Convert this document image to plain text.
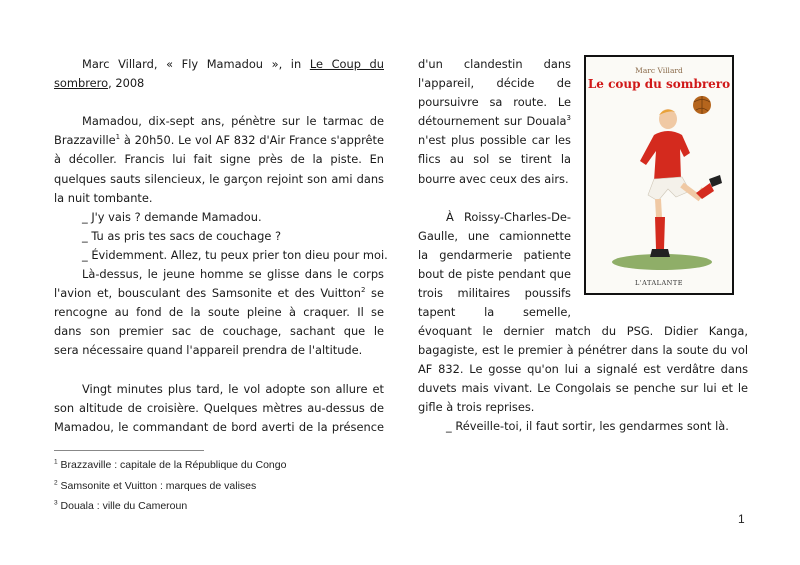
Marc Villard, « Fly Mamadou », in Le Coup du
sombrero, 2008
Mamadou, dix-sept ans, pénètre sur le tarmac de
Brazzaville$^1$ à 20h50. Le vol AF 832 d'Air France s'apprête
à décoller. Francis lui fait signe près de la piste. En
quelques sauts silencieux, le garçon rejoint son ami dans
la nuit tombante.
_ J'y vais ? demande Mamadou.
_ Tu as pris tes sacs de couchage ?
_ Évidemment. Allez, tu peux prier ton dieu pour moi.
Là-dessus, le jeune homme se glisse dans le corps
l'avion et, bousculant des Samsonite et des Vuitton$^2$ se
rencogne au fond de la soute pleine à craquer. Il se
dans son premier sac de couchage, sachant que le
sera nécessaire quand l'appareil prendra de l'altitude.
Vingt minutes plus tard, le vol adopte son allure et
son altitude de croisière. Quelques mètres au-dessus de
Mamadou, le commandant de bord averti de la présence
d'un clandestin dans
l'appareil, décide de
poursuivre sa route. Le
détournement sur Douala$^3$
n'est plus possible car les
flics au sol se tirent la
bourre avec ceux des airs.
À Roissy-Charles-De-
Gaulle, une camionnette
la gendarmerie patiente
bout de piste pendant que
trois militaires poussifs
tapent la semelle,
évoquant le dernier match du PSG. Didier Kanga,
bagagiste, est le premier à pénétrer dans la soute du vol
AF 832. Le gosse qu'on lui a signalé est verdâtre dans
duvets mais vivant. Le Congolais se penche sur lui et le
gifle à trois reprises.
_ Réveille-toi, il faut sortir, les gendarmes sont là.
Marc Villard
Le coup du sombrero
L'ATALANTE
$^1$ Brazzaville : capitale de la République du Congo
$^2$ Samsonite et Vuitton : marques de valises
$^3$ Douala : ville du Cameroun
1
